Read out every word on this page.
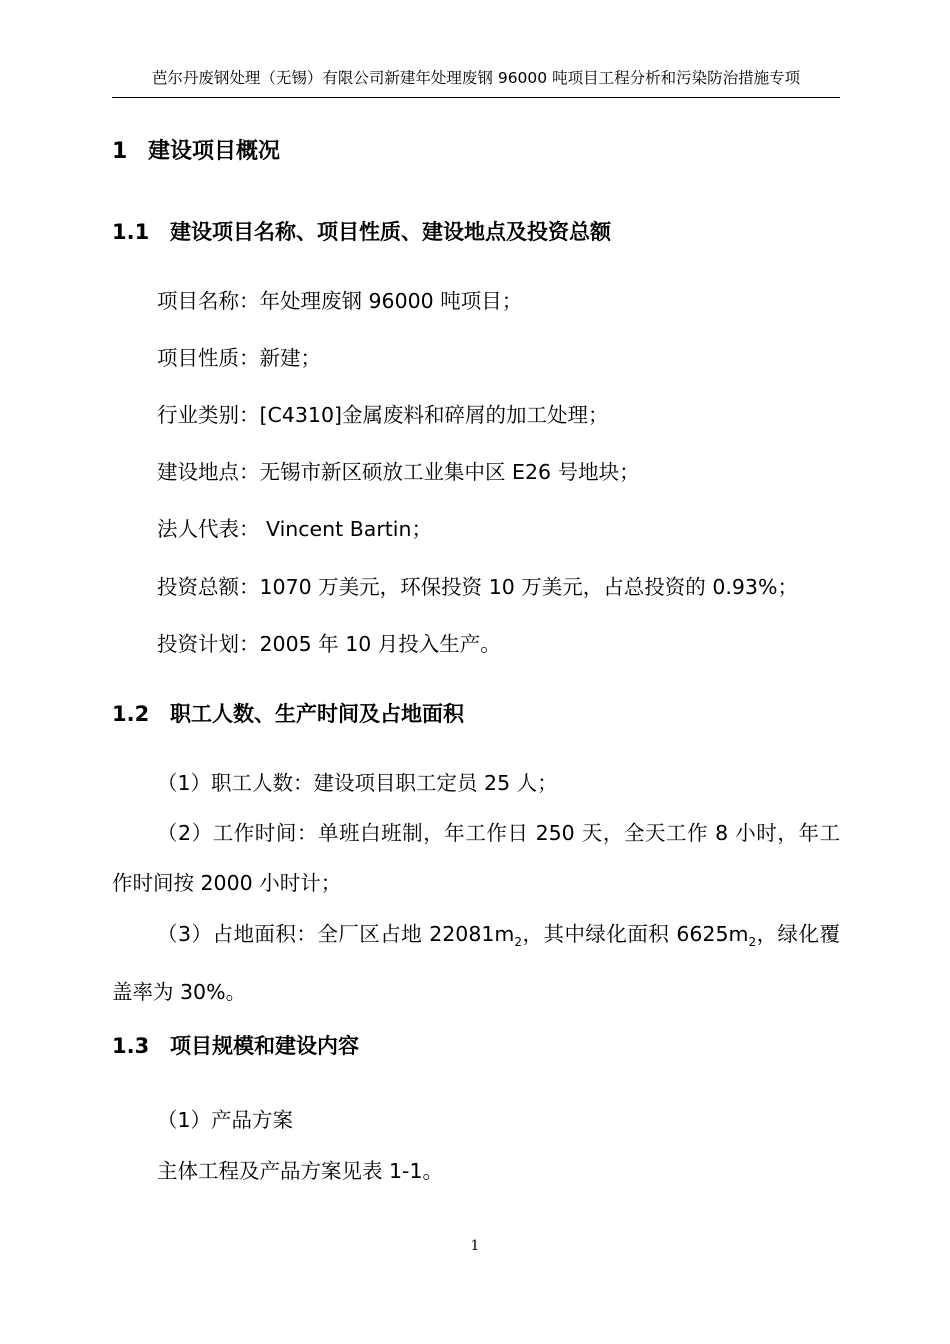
芭尔丹废钢处理（无锡）有限公司新建年处理废钢 96000 吨项目工程分析和污染防治措施专项
1 建设项目概况
1.1 建设项目名称、项目性质、建设地点及投资总额
项目名称：年处理废钢 96000 吨项目；
项目性质：新建；
行业类别：[C4310]金属废料和碎屑的加工处理；
建设地点：无锡市新区硕放工业集中区 E26 号地块；
法人代表： Vincent Bartin；
投资总额：1070 万美元，环保投资 10 万美元，占总投资的 0.93%；
投资计划：2005 年 10 月投入生产。
1.2 职工人数、生产时间及占地面积
（1）职工人数：建设项目职工定员 25 人；
（2）工作时间：单班白班制，年工作日 250 天，全天工作 8 小时，年工作时间按 2000 小时计；
（3）占地面积：全厂区占地 $22081m_2$，其中绿化面积 $6625m_2$，绿化覆盖率为 30%。
1.3 项目规模和建设内容
（1）产品方案
主体工程及产品方案见表 1-1。
1
